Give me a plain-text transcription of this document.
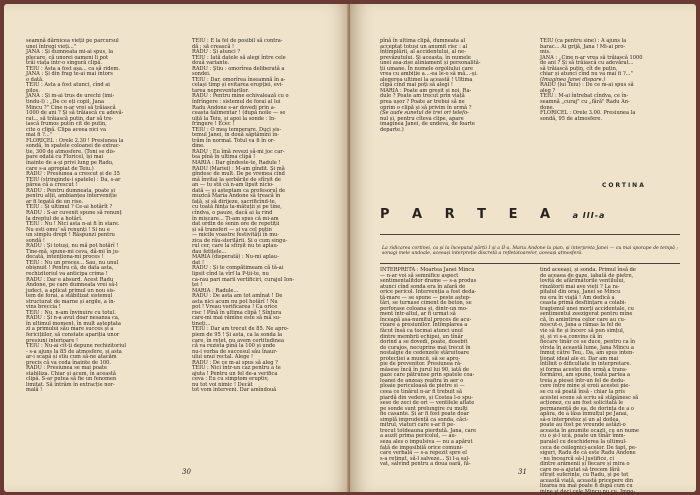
seamnă dărnicea vieții pe parcursul

unei întregi vieți..."

JANA : Și dumneata mi-ai spus, la

plecare, că unorei oameni li pot

trăi viața într-o singură clipă.

TEIU : Asta a fost așa... ca să ridem.

JANA : Și din frag te-ai mai întors

o dată.

TEIU : Asta a fost atunci, cînd ai

pilos.

JANA : Și m-ai trus de urechi (imi-

tindu-l) : „De ce eți copil, Jana

Mincu ?" Cine n-ar vrei să trăiască

1000 de ani ? Și să trăiască cu adevă-

rat... să trăiască putin, dar să tre-

iască frumos putin cit de putin,

cite o clipă. Clipa aceea nici va

mai fi ?..."

FLORICEL : Orele 2.30 ! Presiunea la

sondă, în spatele coloanei de extrac-

ție, 300 de atmosfere. (Toni se dis-

pare odată cu Floricel, își mai

înainte de a-și privi lung pe Radu,

care s-a apropiat de Teiu.)

RADU : Presiunea a crescut și de 35

TEIU (stringindu-i spatele) : Da, s-ar

părea că a crescut !

RADU : Pentru dumneata, poate și

pentru alții, ambianțea interveniție

ar fi legată de un rise.

TEIU : Și ultimul ? Ce-ai hotărît ?

RADU : S-ar cuvenit spune să renunț

la dreptul de a hotărî.

TEIU : Nu ! Nici asta n-ai fi în stare.

Nu esti omu' să renunți ! Si nu e

un simplu drept ! Răspunzi pentru

sondă !

RADU : Și totuși, nu mă pot hotărî !

Tine-mă, spune-mi ceva, dă-mi în ju-

decată, intenționa-mi proces !

TEIU : Nu un proces... Sau, nu unul

obișnuit ! Pentru că, de data asta,

rechizitoriul va anticipa crima !

RADU : Dar e absurd. Acest Radu

Andone, pe care dumneata vrei să-l

judeci, a aplicat primul un nou sis-

tem de forai, a stăbilizat sistemul

structurat de marne și argile, a în-

vins breccia !

TEIU : Nu, n-am învinuire cu totul.

RADU : Și n-a avut doar nesansa ca,

în ultimul moment, în mult așteptata

zi a primului său mare succes și a

fericițiilor, să constate apariția unor

presiuni interioare !

TEIU : Nu-ai cît-ți depune rechizitoriul

- s-a ajuns la 85 de atmosfere, și asta

ar-i scapă și stiu cum să-ne atacăm

precis că va ceda înainte de 100.

RADU : Presiunea se mai poate

stabiliza. Chiar și acum, în această

clipă. S-ar putea să fie un fenomen

limitat. Să întrăm în extracție nor-

mală !

TEIU : E la fel de posibil să contra-

dă ; să crească !

RADU : Și atunci ?

TEIU : Iată datele să alegi între cele

două variante.

RADU : Știu : omorîrea deliberată a

sondei.

TEIU : Dar, omorîrea înseamnă în a-

celași timp și evitarea erupției, evi-

tarea nepreventurilor.

RADU : Pentru mine echivalează cu o

înfrîngere : sistemul de forai al lui

Radu Andone s-ar dovedi prin a-

ceasta falimentar ! (după noile — se

uită la Teiu, și apoi la sonde : In-

frîngere ! Ecec !

TEIU : O mea temperare. Duçi sis-

temul Janei, în două săptămîni în-

trăm în normal. Totul va fi în or-

dine.

RADU : Eu îmă revezi să-mi joc car-

tea pînă în ultima clipă !

MARIA : Dar gîndeste-te, Radule !

RADU (Mariei) : M-am gîndit. Și mă

gîndesc de mult. De pe vremea cînd

mă învitai la serbările de sfîrșit de

an — tu stii că n-am lipsit nicio-

dată — și așteptam ca profesorul de

muzică Maria Andone să treacă în

față, și să dirijeze, sacrificînd-te,

cu toată ființa ta-mătuții și pe tine,

cîndva, o pauze, dacă ai la rind

în mișcare... Ți-am spus că mi-am

dat ordin de senin ore de repetiții

și să transferi — și va cel puțin

— micile voastre festivități în mu-

zica de rău-sterilării. Și o cum singu-

rul cer, care la sfîrșit nu te aplau-

dau fetițele...

MARIA (disperată) : Nu-mi aplau-

dat !

RADU : Și te compătimeam că tă-ai

lipsit cînd la vîrf la P-ții-te, nu

ca-rau pari marii vertificiri, curajul Ion-

ței !

MARIA : Radule...

RADU : De asta am tot amînat ! De

asta nici acum nu pot hotărî ! Nu

pot ! Vreau verificarea ! Ca orice

risc ! Pînă în ultima clipă ! Sînțura

care-mi mai rămîne este să mă su-

tineți...

TEIU : Dar am trecut de 85. Ne apro-

piem de 95 ! Și asta, ca la sonda la

care, în rețet, nu avem certitudinea

că va rezista pînă la 100 și unde

nu-i vorba de succesul său înaur-

ului unui rectal. Alege !

RADU : De ce m-ai spus să aleg ?

TEIU : Nici într-un caz pentru a te

ajuta ! Pentru un fel de-a verifica

ceva : Eu cu simptom eruptiv,

nu tot voi nimic ! Decât

tot vom interveni. Dar amîndouă

30

pînă în ultima clipă, dumneata al

acceptat totuși un anumit risc : al

întîmplării, al accidentului, al ne-

prevăzutului. Și aceasta, în numele

unei asa-zise aliniament și personalită-

ții umane. În numele orgoliului care

vrea cu ambiție a...-ea le-o să mă...-și.

alegerea ultimei la această ! Ultima

clipă cînd mai poți să alegi !

MARIA : Poate am greșit și noi, Ra-

dule ? Poate am trecut prin viață

prea ușor ? Poate ar trebui să ne

oprim o clipă și să privim în urmă ?

(Se aude sunetul de trei ori telefo-

nul și, pentru cîteva clipe, apare

imaginea Janei, de undeva, de foarte

departe.)

TEIU (ca pentru sine) : A ajuns la

barac... Ai grijă, Jana ! Mi-ai pro-

mis.

JANA : „Cine n-ar vrea să trăiască 1000

de ani ? Și să trăiască cu adevărat...

să trăiască puțin, cît de puțin,

chiar și atunci cînd nu va mai fi ?..."

(Imaginea Janei dispare.)

RADU (lui Teiu) : De ce m-ai spus să

aleg ?

TEIU : M-ai întrebat cîndva, ce în-

seamnă „curaj" cu „fără" Radu An-

done.

FLORICEL : Orele 3.00. Presiunea la

sondă, 95 de atmosfere.

CORTINA
P A R T E A a III-a
La ridicarea cortinei, ca și la începutul părții I și a II-a. Maria Andone la pian, și interpreta Janei — cu mai sporape de tempă ; sonagi mele undoale, aceeași interpreție discretă a refletatoarelor, aceeași atmosferă.

INTERPRETA : Moartea Janei Mincu

— n-ar voi să semnifice aspect

sentimentalitdor drame — s-a produs

atunci cînd sonda era în afară de

orice pericol. Intervenția a fost deda-

ță-mare — se spune — peste aștep-

tări, se turnase ciment de beton, se

perforase coloana și, dintr-un mo-

ment într-altul, ar fi urmat să

înceapă asa-numitul proces de acu-

rizare a presiunilor. Întîmplarea a

făcut însă ca tocmai atunci unul

dintre membrii echipei, un tînăr

dorind a se dovedi, poate, dosebit

de curajos, necuprins mai trecut în

nostalgie de cedenzele stăruitoare

protecției a muncii, să se apro-

pie de prevenitor. Presiunea ră-

măsese încă în jurul lui 90, iată de

gaze care pătrunse prin spatele coa-

loanei de anzeaș reafira în aer o

ploaie periculoasă de pietre si —

ceea ce tinărul n-ar fi trebuit să

piardă din vedere, și Costea l-o spu-

sese de zeci de ori — ventilele aflate

pe sonde sunt prelungire cu mulți

fie casante. Și ar fi fost poate doar

simplă imprudență ca sonda, căci-

mitrul, viaturi care s-ar fi pe-

trecut totdeauna pierdută. Jana, care

a auzit prima pericolul, — au-

seza ales o impulsiva — nu a apărut

față de imposibilă orice comuni-

care verbală — s-a repezit spre el

s-a reținut, să-l salveze... Și l-a sal-

vat, salvînd pentru a doua oară, fă-

tind aceeași, și sonda. Primul însă de

de aceaea de gaze, iabată de pietre,

lovită de afărimătorile ventilului,

rinzătorii mai ave vieți ? La ra-

pitalul din oraș, Janei se Mincu

nu era în viață ! Am dedică a

ceasta primă desființare a colabi-

tragismul unei morți accidentale, cu

sentimentul zeezigerat pentru mine

că, în amintirea celor care au cu-

noscut-o, Jana a rămas la fel de

vie să fie și încerc să pun simțul,

și, și vi s-a convins că în

fiecare tinăr ce se duce, pentru ca în

vîrsta în această lume, Jana Mincu a

înmuț către Teu,. Da, am spus inten-

ționat ideal ale ei. Dar am mai

întîlnit o dificultate în interpretare.

și forma acestei din urmă a trans-

formărei, am spune, toată partea a

treia a piesei într-un fel de dedu-

cere între mine și eroii acestei pie-

se cu să poată însă - chiar la pris

acestei scene să scriu să stăpânesc să

acționez, cu am fost solicitată le

permanență de ea, de dorința de a o

apăra, de a lăsa înmulțul pe Janai,

să-o interpretez și un al doilea,

poate au fost pe vreunde astăzi-o

aceasta în anumite ocazii, cu un nume

cu o și-l ucă, poate un tînăr îmm-

paralel cu deschiderea la ultimul-

ceca de ceilegnici-acelor. De fapt, pe-

siguri, Radu de că este Radu Andone

- nu încearcă să-l justifice, ci

dintre arămenii și fiecare și mira o

care ne-a ajutat să trecem fără

sfîrșit suferințe, cu Radu, și pe tot

această viață, această pricepere din

lizarea nu mai poate fi după cum cu

mine și deci cele Mincu nu cu. Impo-

31
